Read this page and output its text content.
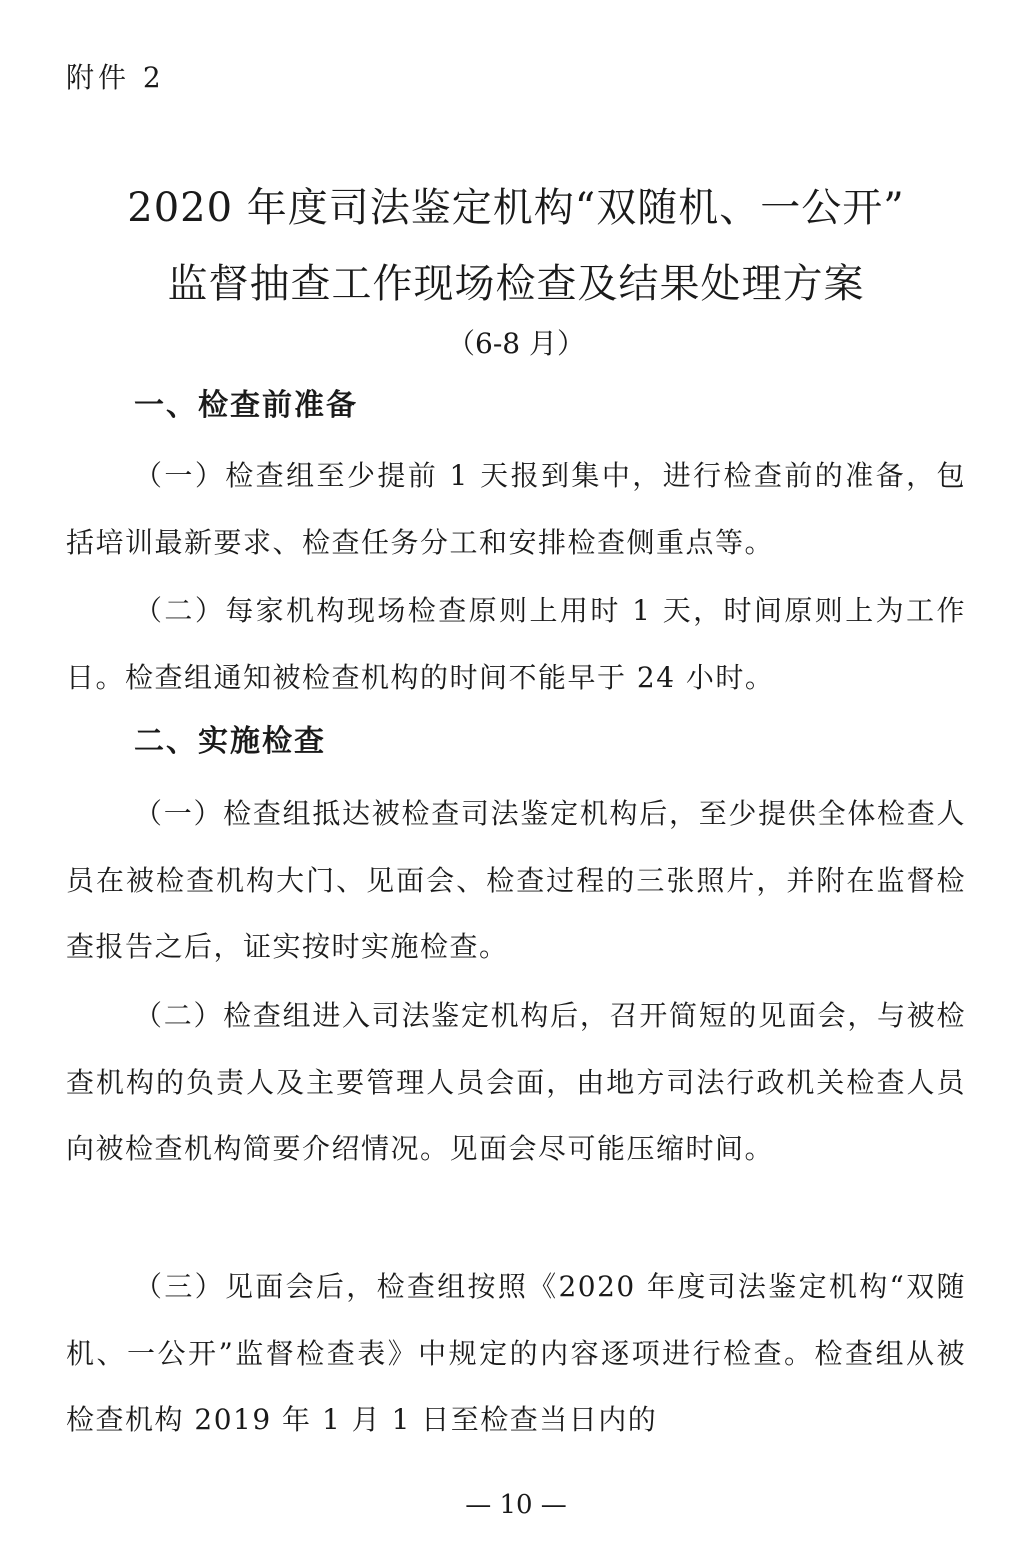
附件 2
2020 年度司法鉴定机构“双随机、一公开”
监督抽查工作现场检查及结果处理方案
（6-8 月）
一、检查前准备
（一）检查组至少提前 1 天报到集中，进行检查前的准备，包括培训最新要求、检查任务分工和安排检查侧重点等。
（二）每家机构现场检查原则上用时 1 天，时间原则上为工作日。检查组通知被检查机构的时间不能早于 24 小时。
二、实施检查
（一）检查组抵达被检查司法鉴定机构后，至少提供全体检查人员在被检查机构大门、见面会、检查过程的三张照片，并附在监督检查报告之后，证实按时实施检查。
（二）检查组进入司法鉴定机构后，召开简短的见面会，与被检查机构的负责人及主要管理人员会面，由地方司法行政机关检查人员向被检查机构简要介绍情况。见面会尽可能压缩时间。
（三）见面会后，检查组按照《2020 年度司法鉴定机构“双随机、一公开”监督检查表》中规定的内容逐项进行检查。检查组从被检查机构 2019 年 1 月 1 日至检查当日内的
— 10 —
